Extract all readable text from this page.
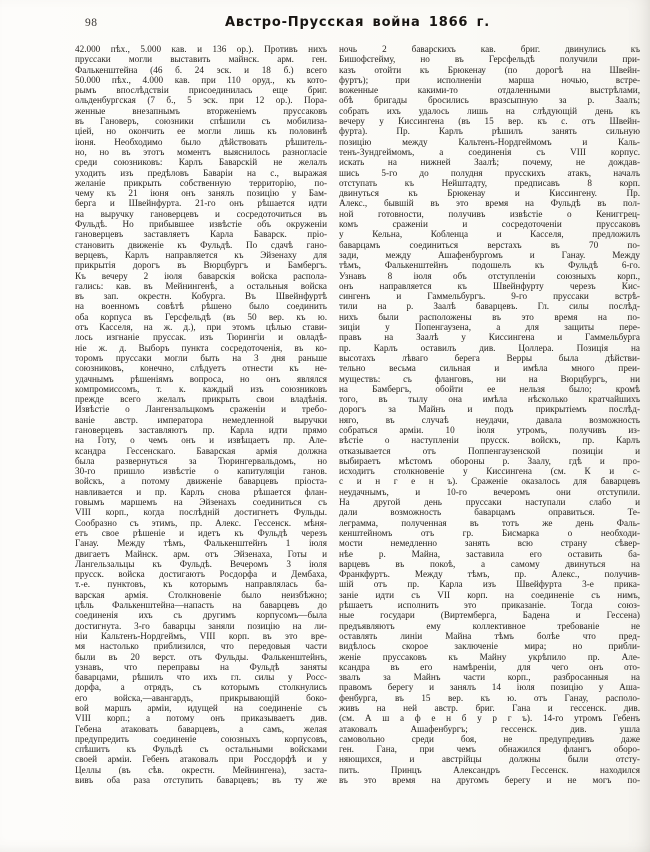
98	Австро-Прусская война 1866 г.
42.000 пѣх., 5.000 кав. и 136 ор.). Противъ нихъ
пруссаки могли выставить майнск. арм. ген.
Фалькенштейна (46 б. 24 эск. и 18 б.) всего
50.000 пѣх., 4.000 кав. при 110 оруд., къ кото-
рымъ впослѣдствіи присоединилась еще бриг.
ольденбургская (7 б., 5 эск. при 12 ор.). Пора-
женные внезапнымъ вторженіемъ пруссаковъ
въ Гановеръ, союзники спѣшили съ мобилиза-
ціей, но окончить ее могли лишь къ половинѣ
іюня. Необходимо было дѣйствовать рѣшитель-
но, но въ этотъ моментъ выяснилось разногласіе
среди союзниковъ: Карлъ Баварскій не желалъ
уходить изъ предѣловъ Баваріи на с., выражая
желаніе прикрыть собственную территорію, по-
чему къ 21 іюня онъ занялъ позицію у Бам-
берга и Швейнфурта. 21-го онъ рѣшается идти
на выручку гановерцевъ и сосредоточиться въ
Фульдѣ. Но прибывшее извѣстіе объ окруженіи
гановерцевъ заставляетъ Карла Баварск. пріо-
становить движеніе къ Фульдѣ. По сдачѣ гано-
верцевъ, Карлъ направляется къ Эйзенаху для
прикрытія дорогъ въ Вюрцбургъ и Бамбергъ.
Къ вечеру 2 іюля баварскія войска распола-
гались: кав. въ Мейнингенѣ, а остальныя войска
въ зап. окрестн. Кобурга. Въ Швейнфуртѣ
на военномъ совѣтѣ рѣшено было соединить
оба корпуса въ Герсфельдѣ (въ 50 вер. къ ю.
отъ Касселя, на ж. д.), при этомъ цѣлью стави-
лось изгнаніе пруссак. изъ Тюрингіи и овладѣ-
ніе ж. д. Выборъ пункта сосредоточенія, въ ко-
торомъ пруссаки могли быть на 3 дня раньше
союзниковъ, конечно, слѣдуетъ отнести къ не-
удачнымъ рѣшеніямъ вопроса, но онъ являлся
компромиссомъ, т. к. каждый изъ союзниковъ
прежде всего желалъ прикрыть свои владѣнія.
Извѣстіе о Лангензальцкомъ сраженіи и требо-
ваніе австр. императора немедленной выручки
гановерцевъ заставляютъ пр. Карла идти прямо
на Готу, о чемъ онъ и извѣщаетъ пр. Але-
ксандра Гессенскаго. Баварская армія должна
была развернуться за Тюрингервальдомъ, но
30-го пришло извѣстіе о капитуляціи ганов.
войскъ, а потому движеніе баварцевъ пріоста-
навливается и пр. Карлъ снова рѣшается флан-
говымъ маршемъ на Эйзенахъ соединиться съ
VIII корп., когда послѣдній достигнетъ Фульды.
Сообразно съ этимъ, пр. Алекс. Гессенск. мѣня-
етъ свое рѣшеніе и идетъ къ Фульдѣ черезъ
Ганау. Между тѣмъ, Фалькенштейнъ 1 іюля
двигаетъ Майнск. арм. отъ Эйзенаха, Готы и
Лангельзальцы къ Фульдѣ. Вечеромъ 3 іюля
прусск. войска достигаютъ Росдорфа и Дембаха,
т.-е. пунктовъ, къ которымъ направлялась ба-
варская армія. Столкновеніе было неизбѣжно;
цѣль Фалькенштейна—напасть на баварцевъ до
соединенія ихъ съ другимъ корпусомъ—была
достигнута. 3-го баварцы заняли позицію на ли-
ніи Кальтенъ-Нордгеймъ, VIII корп. въ это вре-
мя настолько приблизился, что передовыя части
были въ 20 верст. отъ Фульды. Фалькенштейнъ,
узнавъ, что переправы на Фульдѣ заняты
баварцами, рѣшилъ что ихъ гл. силы у Росс-
дорфа, а отрядъ, съ которымъ столкнулись
его войска,—авангардъ, прикрывающій боко-
вой маршъ арміи, идущей на соединеніе съ
VIII корп.; а потому онъ приказываетъ див.
Гебена атаковать баварцевъ, а самъ, желая
предупредить соединеніе союзныхъ корпусовъ,
спѣшитъ къ Фульдѣ съ остальными войсками
своей арміи. Гебенъ атаковалъ при Россдорфѣ и у
Целлы (въ сѣв. окрестн. Мейнингена), заста-
вивъ оба раза отступить баварцевъ; въ ту же
ночь 2 баварскихъ кав. бриг. двинулись къ
Бишофсгейму, но въ Герсфельдѣ получили при-
казъ отойти къ Брюкенау (по дорогѣ на Швейн-
фуртъ); при исполненіи марша ночью, встре-
воженные какими-то отдаленными выстрѣлами,
обѣ бригады бросились вразсыпную за р. Заалъ;
собрать ихъ удалось лишь на слѣдующій день къ
вечеру у Киссингена (въ 15 вер. къ с. отъ Швейн-
фурта). Пр. Карлъ рѣшилъ занять сильную
позицію между Кальтенъ-Нордгеймомъ и Каль-
тенъ-Зундгеймомъ, а соединенія съ VIII корпус.
искать на нижней Заалѣ; почему, не дождав-
шись 5-го до полудня прусскихъ атакъ, началъ
отступать къ Нейштадту, предписавъ 8 корп.
двинуться къ Брюкенау и Киссингену. Пр.
Алекс., бывшій въ это время на Фульдѣ въ пол-
ной готовности, получивъ извѣстіе о Кениггрец-
комъ сраженіи и сосредоточеніи пруссаковъ
у Кельна, Кобленца и Касселя, предложилъ
баварцамъ соединиться верстахъ въ 70 по-
зади, между Ашафенбургомъ и Ганау. Между
тѣмъ, Фалькенштейнъ подошелъ къ Фульдѣ 6-го.
Узнавъ 8 іюля объ отступленіи союзныхъ корп.,
онъ направляется къ Швейнфурту черезъ Кис-
сингенъ и Гаммельбургъ. 9-го пруссаки встрѣ-
тили на р. Заалѣ баварцевъ. Гл. силы послѣд-
нихъ были расположены въ это время на по-
зиціи у Попенгаузена, а для защиты пере-
правъ на Заалѣ у Киссингена и Гаммельбурга
пр. Карлъ оставилъ див. Цоллера. Позиція на
высотахъ лѣваго берега Верры была дѣйстви-
тельно весьма сильная и имѣла много преи-
муществъ: съ фланговъ, ни на Вюрцбургъ, ни
на Бамбергъ, обойти ее нельзя было; кромѣ
того, въ тылу она имѣла нѣсколько кратчайшихъ
дорогъ за Майнъ и подъ прикрытіемъ послѣд-
няго, въ случаѣ неудачи, давала возможность
собраться арміи. 10 іюля утромъ, получивъ из-
вѣстіе о наступленіи прусск. войскъ, пр. Карлъ
отказывается отъ Поппенгаузенской позиціи и
выбираетъ мѣстомъ обороны р. Заалу, гдѣ и про-
исходитъ столкновеніе у Киссингена (см. К и с-
с и н г е н ъ). Сраженіе оказалось для баварцевъ
неудачнымъ, и 10-го вечеромъ они отступили.
На другой день пруссаки наступали слабо и
дали возможность баварцамъ оправиться. Те-
леграмма, полученная въ тотъ же день Фаль-
кенштейномъ отъ гр. Бисмарка о необходи-
мости немедленно занять всю страну сѣвер-
нѣе р. Майна, заставила его оставить ба-
варцевъ въ покоѣ, а самому двинуться на
Франкфуртъ. Между тѣмъ, пр. Алекс., получив-
шій отъ пр. Карла изъ Швейфурта 3-е прика-
заніе идти съ VII корп. на соединеніе съ нимъ,
рѣшаетъ исполнить это приказаніе. Тогда союз-
ные государи (Виртемберга, Бадена и Гессена)
предъявляютъ ему коллективное требованіе не
оставлять линіи Майна тѣмъ болѣе что пред-
видѣлось скорое заключеніе мира; но прибли-
женіе пруссаковъ къ Майну укрѣпило пр. Але-
ксандра въ его намѣреніи, для чего онъ ото-
звалъ за Майнъ части корп., разбросанныя на
правомъ берегу и занялъ 14 іюля позицію у Аша-
фенбурга, въ 15 вер. къ ю. отъ Ганау, располо-
живъ на ней австр. бриг. Гана и гессенск. див.
(см. А ш а ф е н б у р г ъ). 14-го утромъ Гебенъ
атаковалъ Ашафенбургъ; гессенск. див. ушла
самовольно среди боя, не предупредивъ даже
ген. Гана, при чемъ обнажился флангъ оборо-
няющихся, и австрійцы должны были отсту-
пить. Принцъ Александръ Гессенск. находился
въ это время на другомъ берегу и не могъ по-
